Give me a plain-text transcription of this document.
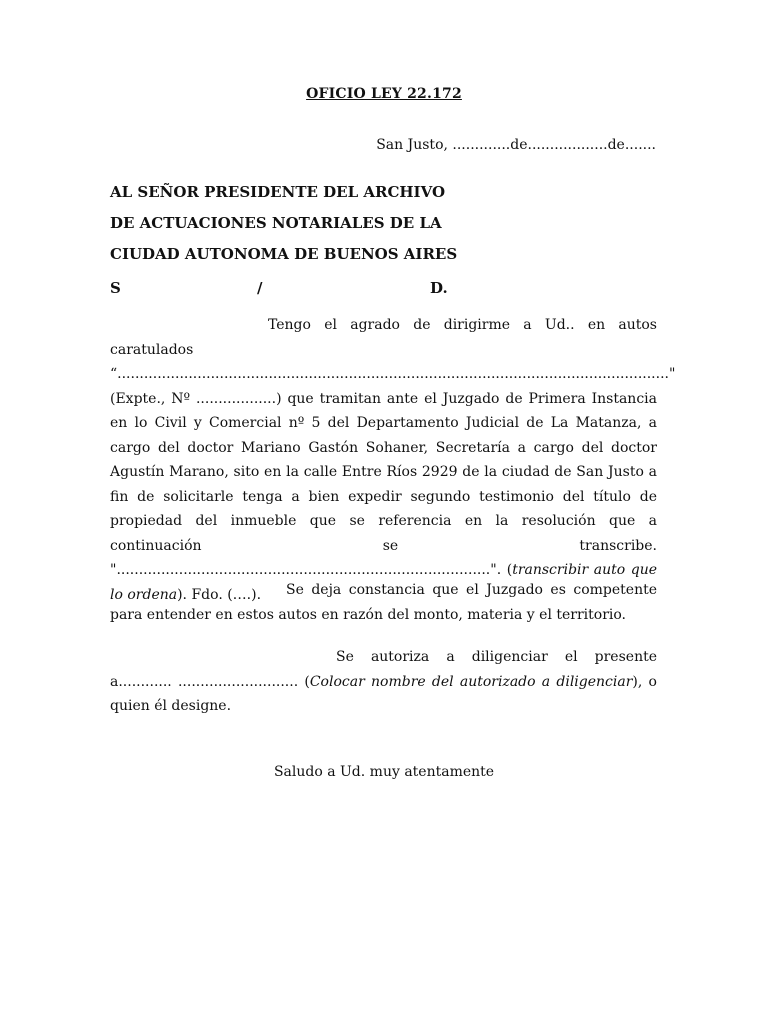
OFICIO LEY 22.172
San Justo, .............de..................de.......
AL SEÑOR PRESIDENTE DEL ARCHIVO
DE ACTUACIONES NOTARIALES DE LA
CIUDAD AUTONOMA DE BUENOS AIRES
S	/	D.
Tengo el agrado de dirigirme a Ud.. en autos caratulados “............................................................................................................................" (Expte., Nº ..................) que tramitan ante el Juzgado de Primera Instancia en lo Civil y Comercial nº 5 del Departamento Judicial de La Matanza, a cargo del doctor Mariano Gastón Sohaner, Secretaría a cargo del doctor Agustín Marano, sito en la calle Entre Ríos 2929 de la ciudad de San Justo a fin de solicitarle tenga a bien expedir segundo testimonio del título de propiedad del inmueble que se referencia en la resolución que a continuación se transcribe. "....................................................................................". (transcribir auto que lo ordena). Fdo. (….).	Se deja constancia que el Juzgado es competente para entender en estos autos en razón del monto, materia y el territorio.
Se autoriza a diligenciar el presente a............ ........................... (Colocar nombre del autorizado a diligenciar), o quien él designe.
Saludo a Ud. muy atentamente
